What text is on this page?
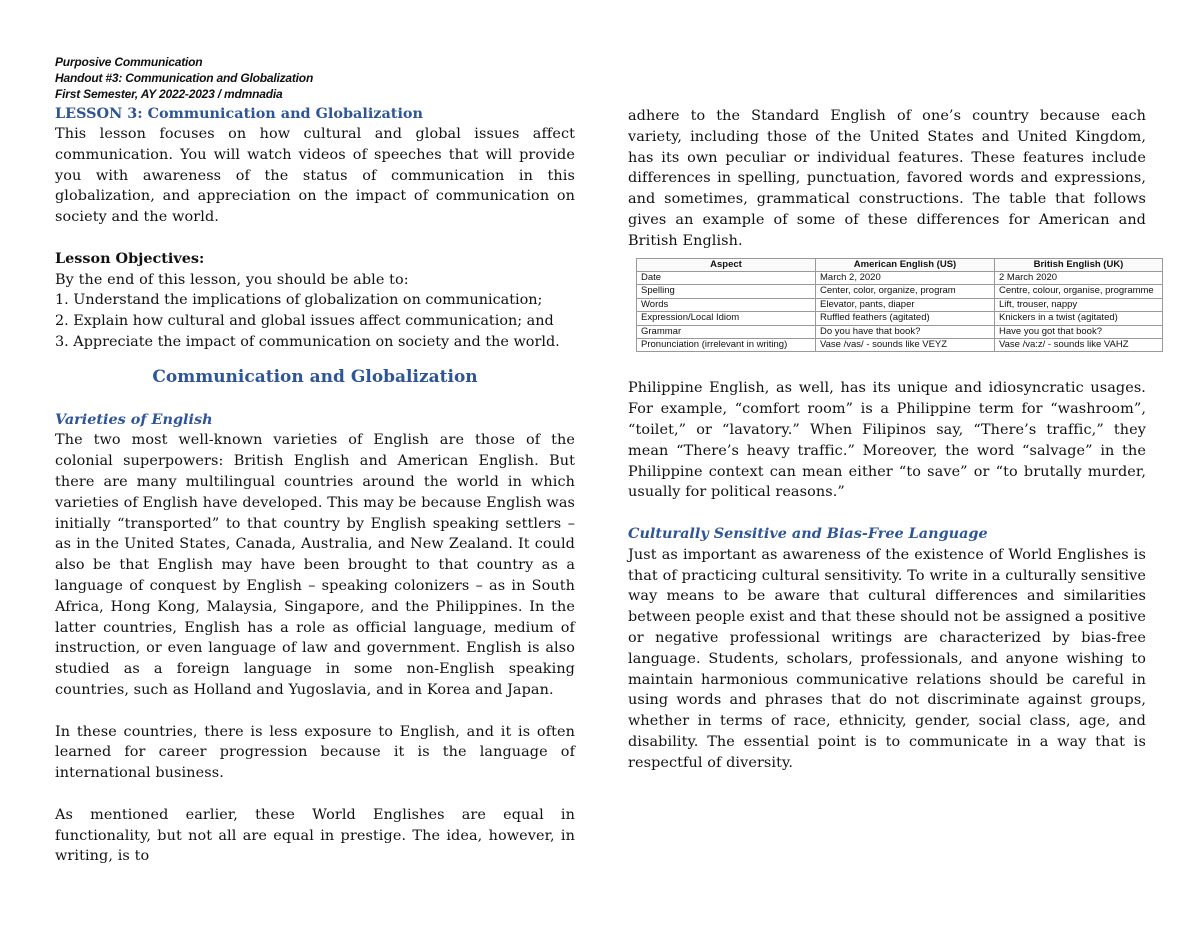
Purposive Communication
Handout #3: Communication and Globalization
First Semester, AY 2022-2023 / mdmnadia

LESSON 3: Communication and Globalization

This lesson focuses on how cultural and global issues affect communication. You will watch videos of speeches that will provide you with awareness of the status of communication in this globalization, and appreciation on the impact of communication on society and the world.

Lesson Objectives:

By the end of this lesson, you should be able to:

1. Understand the implications of globalization on communication;
2. Explain how cultural and global issues affect communication; and
3. Appreciate the impact of communication on society and the world.

Communication and Globalization

Varieties of English

The two most well-known varieties of English are those of the colonial superpowers: British English and American English. But there are many multilingual countries around the world in which varieties of English have developed. This may be because English was initially “transported” to that country by English speaking settlers – as in the United States, Canada, Australia, and New Zealand. It could also be that English may have been brought to that country as a language of conquest by English – speaking colonizers – as in South Africa, Hong Kong, Malaysia, Singapore, and the Philippines. In the latter countries, English has a role as official language, medium of instruction, or even language of law and government. English is also studied as a foreign language in some non-English speaking countries, such as Holland and Yugoslavia, and in Korea and Japan.

In these countries, there is less exposure to English, and it is often learned for career progression because it is the language of international business.

As mentioned earlier, these World Englishes are equal in functionality, but not all are equal in prestige. The idea, however, in writing, is to

adhere to the Standard English of one’s country because each variety, including those of the United States and United Kingdom, has its own peculiar or individual features. These features include differences in spelling, punctuation, favored words and expressions, and sometimes, grammatical constructions. The table that follows gives an example of some of these differences for American and British English.

Aspect	American English (US)	British English (UK)
Date	March 2, 2020	2 March 2020
Spelling	Center, color, organize, program	Centre, colour, organise, programme
Words	Elevator, pants, diaper	Lift, trouser, nappy
Expression/Local Idiom	Ruffled feathers (agitated)	Knickers in a twist (agitated)
Grammar	Do you have that book?	Have you got that book?
Pronunciation (irrelevant in writing)	Vase /vas/ - sounds like VEYZ	Vase /va:z/ - sounds like VAHZ

Philippine English, as well, has its unique and idiosyncratic usages. For example, “comfort room” is a Philippine term for “washroom”, “toilet,” or “lavatory.” When Filipinos say, “There’s traffic,” they mean “There’s heavy traffic.” Moreover, the word “salvage” in the Philippine context can mean either “to save” or “to brutally murder, usually for political reasons.”

Culturally Sensitive and Bias-Free Language

Just as important as awareness of the existence of World Englishes is that of practicing cultural sensitivity. To write in a culturally sensitive way means to be aware that cultural differences and similarities between people exist and that these should not be assigned a positive or negative professional writings are characterized by bias-free language. Students, scholars, professionals, and anyone wishing to maintain harmonious communicative relations should be careful in using words and phrases that do not discriminate against groups, whether in terms of race, ethnicity, gender, social class, age, and disability. The essential point is to communicate in a way that is respectful of diversity.
